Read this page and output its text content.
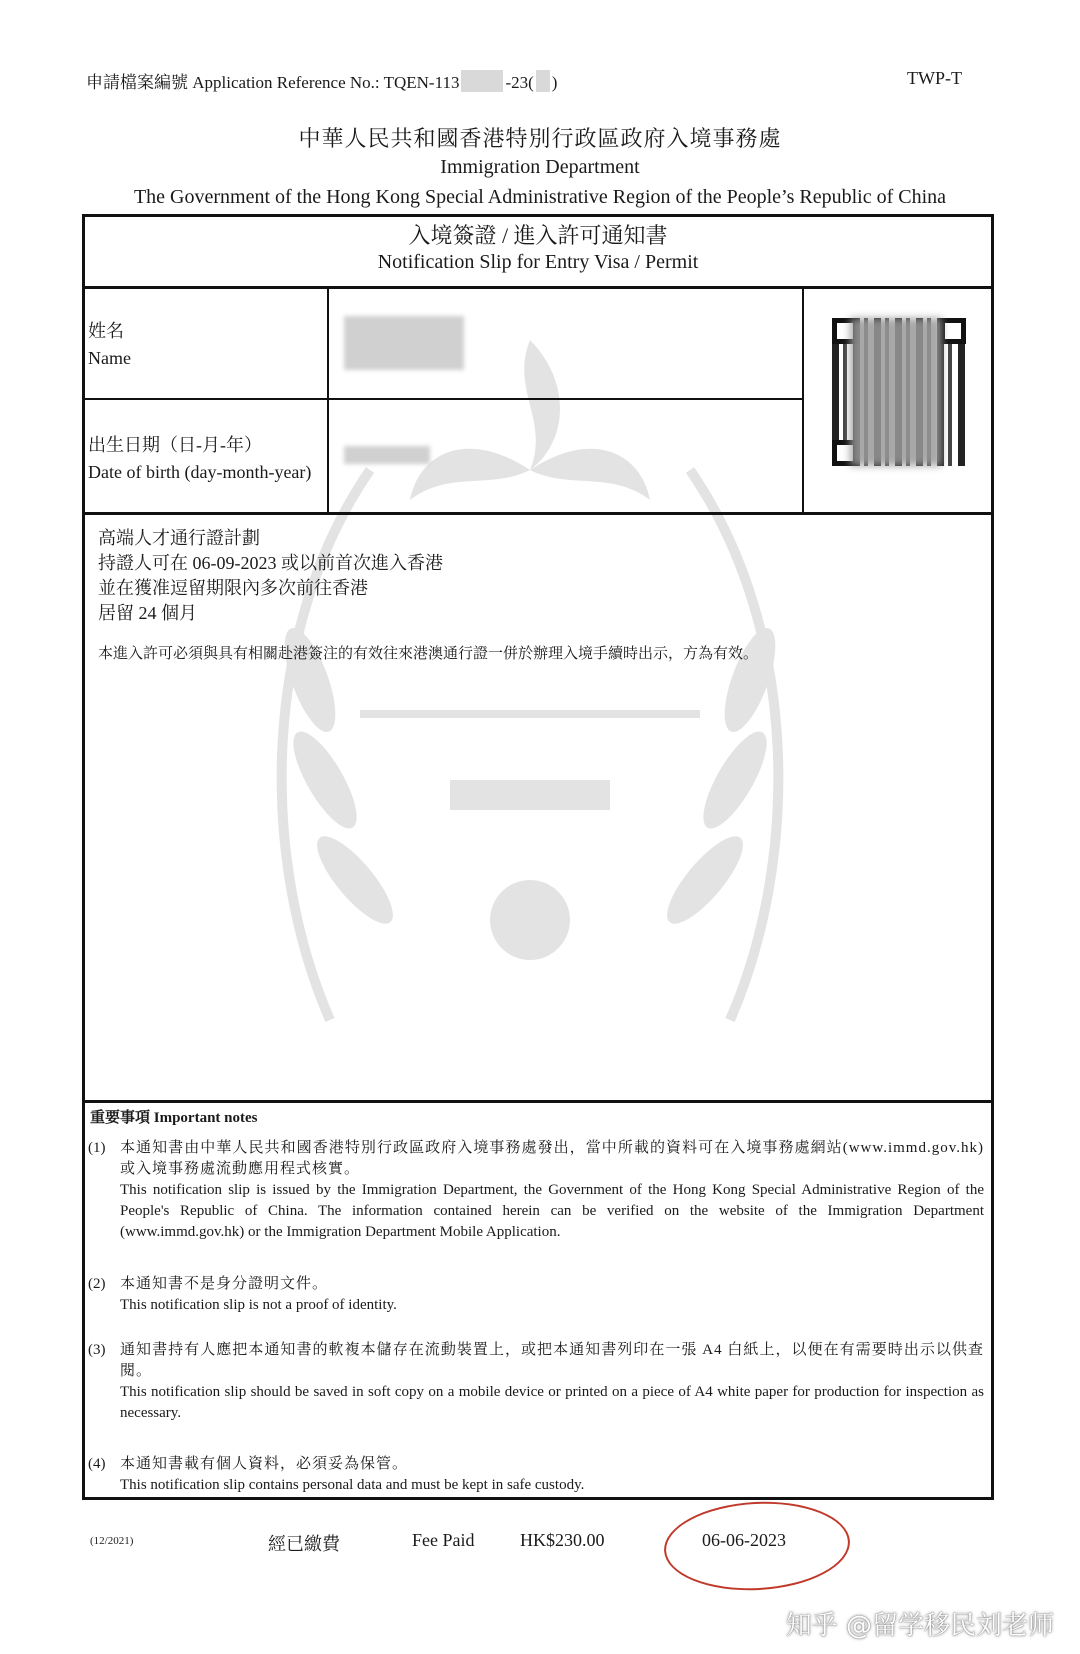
申請檔案編號 Application Reference No.: TQEN-113	-23( )	TWP-T
中華人民共和國香港特別行政區政府入境事務處
Immigration Department
The Government of the Hong Kong Special Administrative Region of the People’s Republic of China
入境簽證 / 進入許可通知書
Notification Slip for Entry Visa / Permit
姓名
Name
出生日期（日-月-年）
Date of birth (day-month-year)
高端人才通行證計劃
持證人可在 06-09-2023 或以前首次進入香港
並在獲准逗留期限內多次前往香港
居留 24 個月
本進入許可必須與具有相關赴港簽注的有效往來港澳通行證一併於辦理入境手續時出示，方為有效。
重要事項 Important notes
(1) 本通知書由中華人民共和國香港特別行政區政府入境事務處發出，當中所載的資料可在入境事務處網站(www.immd.gov.hk)或入境事務處流動應用程式核實。
This notification slip is issued by the Immigration Department, the Government of the Hong Kong Special Administrative Region of the People's Republic of China. The information contained herein can be verified on the website of the Immigration Department (www.immd.gov.hk) or the Immigration Department Mobile Application.
(2) 本通知書不是身分證明文件。
This notification slip is not a proof of identity.
(3) 通知書持有人應把本通知書的軟複本儲存在流動裝置上，或把本通知書列印在一張 A4 白紙上，以便在有需要時出示以供查閱。
This notification slip should be saved in soft copy on a mobile device or printed on a piece of A4 white paper for production for inspection as necessary.
(4) 本通知書載有個人資料，必須妥為保管。
This notification slip contains personal data and must be kept in safe custody.
(12/2021)	經已繳費	Fee Paid	HK$230.00	06-06-2023
知乎 @留学移民刘老师
